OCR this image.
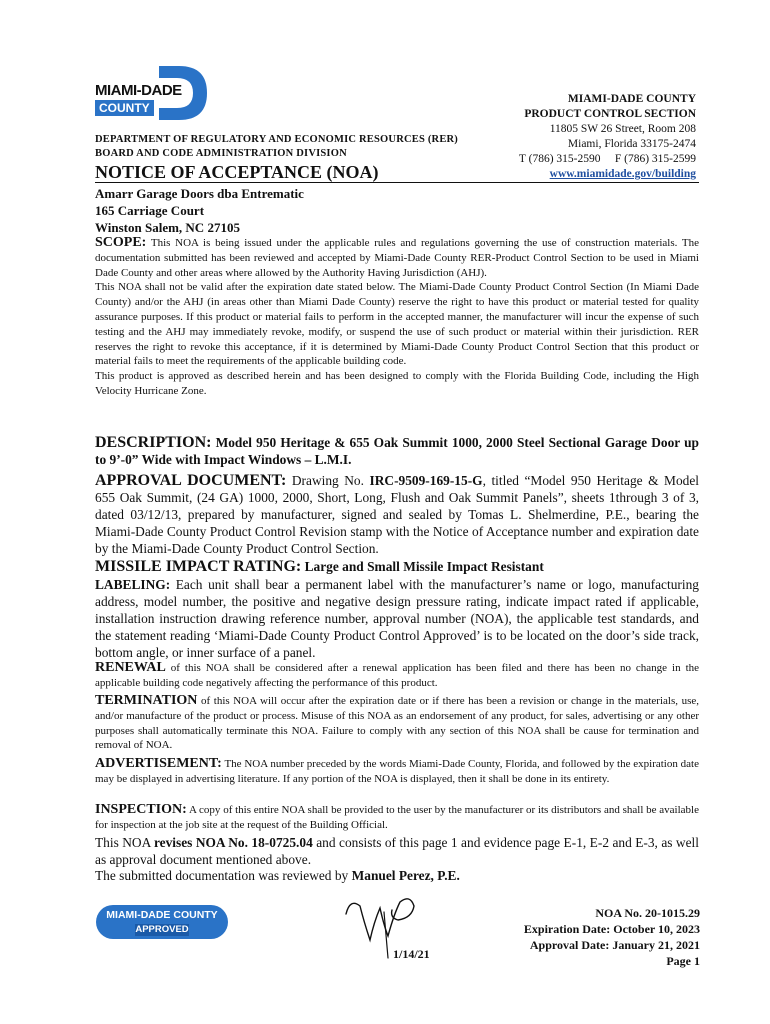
MIAMI-DADE
COUNTY
MIAMI-DADE COUNTY
PRODUCT CONTROL SECTION
11805 SW 26 Street, Room 208
Miami, Florida 33175-2474
T (786) 315-2590     F (786) 315-2599
www.miamidade.gov/building
DEPARTMENT OF REGULATORY AND ECONOMIC RESOURCES (RER)
BOARD AND CODE ADMINISTRATION DIVISION
NOTICE OF ACCEPTANCE (NOA)
Amarr Garage Doors dba Entrematic
165 Carriage Court
Winston Salem, NC 27105
SCOPE: This NOA is being issued under the applicable rules and regulations governing the use of construction materials. The documentation submitted has been reviewed and accepted by Miami-Dade County RER-Product Control Section to be used in Miami Dade County and other areas where allowed by the Authority Having Jurisdiction (AHJ).
This NOA shall not be valid after the expiration date stated below. The Miami-Dade County Product Control Section (In Miami Dade County) and/or the AHJ (in areas other than Miami Dade County) reserve the right to have this product or material tested for quality assurance purposes. If this product or material fails to perform in the accepted manner, the manufacturer will incur the expense of such testing and the AHJ may immediately revoke, modify, or suspend the use of such product or material within their jurisdiction. RER reserves the right to revoke this acceptance, if it is determined by Miami-Dade County Product Control Section that this product or material fails to meet the requirements of the applicable building code.
This product is approved as described herein and has been designed to comply with the Florida Building Code, including the High Velocity Hurricane Zone.
DESCRIPTION: Model 950 Heritage & 655 Oak Summit 1000, 2000 Steel Sectional Garage Door up to 9’-0” Wide with Impact Windows – L.M.I.
APPROVAL DOCUMENT: Drawing No. IRC-9509-169-15-G, titled “Model 950 Heritage & Model 655 Oak Summit, (24 GA) 1000, 2000, Short, Long, Flush and Oak Summit Panels”, sheets 1through 3 of 3, dated 03/12/13, prepared by manufacturer, signed and sealed by Tomas L. Shelmerdine, P.E., bearing the Miami-Dade County Product Control Revision stamp with the Notice of Acceptance number and expiration date by the Miami-Dade County Product Control Section.
MISSILE IMPACT RATING: Large and Small Missile Impact Resistant
LABELING: Each unit shall bear a permanent label with the manufacturer’s name or logo, manufacturing address, model number, the positive and negative design pressure rating, indicate impact rated if applicable, installation instruction drawing reference number, approval number (NOA), the applicable test standards, and the statement reading ‘Miami-Dade County Product Control Approved’ is to be located on the door’s side track, bottom angle, or inner surface of a panel.
RENEWAL of this NOA shall be considered after a renewal application has been filed and there has been no change in the applicable building code negatively affecting the performance of this product.
TERMINATION of this NOA will occur after the expiration date or if there has been a revision or change in the materials, use, and/or manufacture of the product or process. Misuse of this NOA as an endorsement of any product, for sales, advertising or any other purposes shall automatically terminate this NOA. Failure to comply with any section of this NOA shall be cause for termination and removal of NOA.
ADVERTISEMENT: The NOA number preceded by the words Miami-Dade County, Florida, and followed by the expiration date may be displayed in advertising literature. If any portion of the NOA is displayed, then it shall be done in its entirety.
INSPECTION: A copy of this entire NOA shall be provided to the user by the manufacturer or its distributors and shall be available for inspection at the job site at the request of the Building Official.
This NOA revises NOA No. 18-0725.04 and consists of this page 1 and evidence page E-1, E-2 and E-3, as well as approval document mentioned above.
The submitted documentation was reviewed by Manuel Perez, P.E.
MIAMI-DADE COUNTY
APPROVED
1/14/21
NOA No. 20-1015.29
Expiration Date: October 10, 2023
Approval Date: January 21, 2021
Page 1
